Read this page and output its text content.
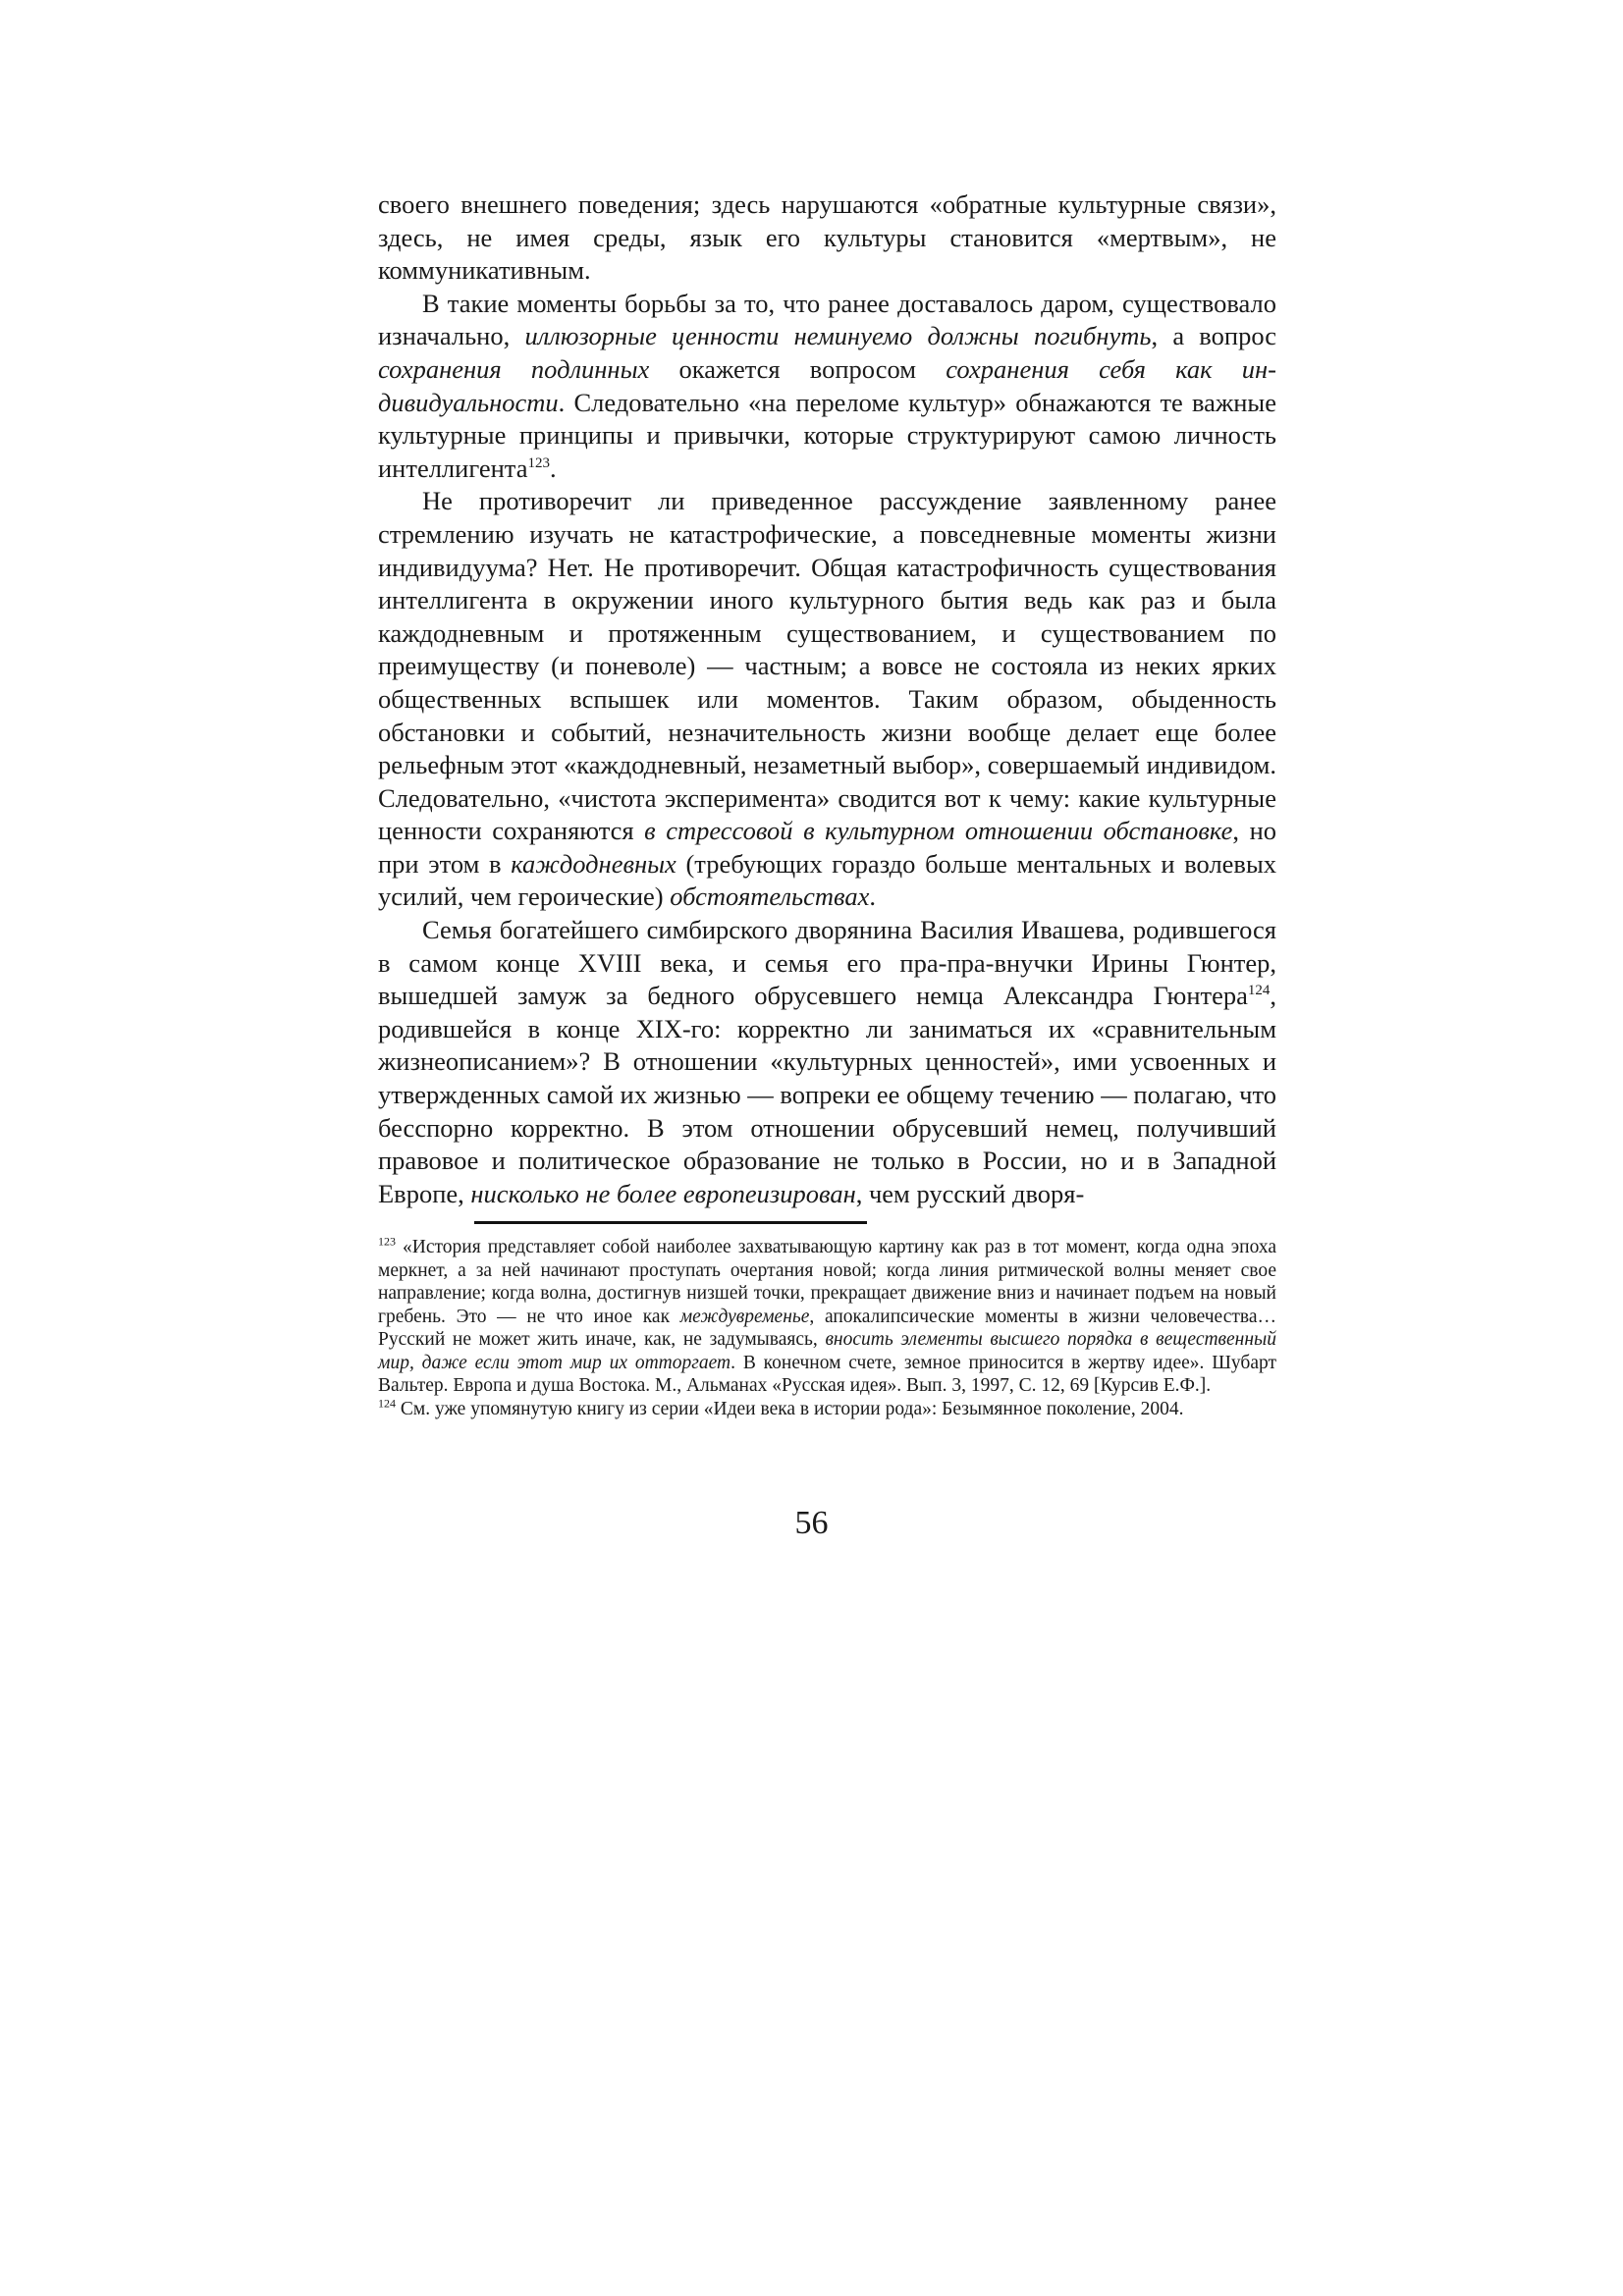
своего внешнего поведения; здесь нарушаются «обратные культурные связи», здесь, не имея среды, язык его культуры становится «мертвым», не коммуникативным.

В такие моменты борьбы за то, что ранее доставалось даром, существовало изначально, иллюзорные ценности неминуемо должны погибнуть, а вопрос сохранения подлинных окажется вопросом сохранения себя как индивидуальности. Следовательно «на переломе культур» обнажаются те важные культурные принципы и привычки, которые структурируют самою личность интеллигента$^{123}$.

Не противоречит ли приведенное рассуждение заявленному ранее стремлению изучать не катастрофические, а повседневные моменты жизни индивидуума? Нет. Не противоречит. Общая катастрофичность существования интеллигента в окружении иного культурного бытия ведь как раз и была каждодневным и протяженным существованием, и существованием по преимуществу (и поневоле) — частным; а вовсе не состояла из неких ярких общественных вспышек или моментов. Таким образом, обыденность обстановки и событий, незначительность жизни вообще делает еще более рельефным этот «каждодневный, незаметный выбор», совершаемый индивидом. Следовательно, «чистота эксперимента» сводится вот к чему: какие культурные ценности сохраняются в стрессовой в культурном отношении обстановке, но при этом в каждодневных (требующих гораздо больше ментальных и волевых усилий, чем героические) обстоятельствах.

Семья богатейшего симбирского дворянина Василия Ивашева, родившегося в самом конце XVIII века, и семья его пра-пра-внучки Ирины Гюнтер, вышедшей замуж за бедного обрусевшего немца Александра Гюнтера$^{124}$, родившейся в конце XIX-го: корректно ли заниматься их «сравнительным жизнеописанием»? В отношении «культурных ценностей», ими усвоенных и утвержденных самой их жизнью — вопреки ее общему течению — полагаю, что бесспорно корректно. В этом отношении обрусевший немец, получивший правовое и политическое образование не только в России, но и в Западной Европе, нисколько не более европеизирован, чем русский дворя-

$^{123}$ «История представляет собой наиболее захватывающую картину как раз в тот момент, когда одна эпоха меркнет, а за ней начинают проступать очертания новой; когда линия ритмической волны меняет свое направление; когда волна, достигнув низшей точки, прекращает движение вниз и начинает подъем на новый гребень. Это — не что иное как междувременье, апокалипсические моменты в жизни человечества… Русский не может жить иначе, как, не задумываясь, вносить элементы высшего порядка в вещественный мир, даже если этот мир их отторгает. В конечном счете, земное приносится в жертву идее». Шубарт Вальтер. Европа и душа Востока. М., Альманах «Русская идея». Вып. 3, 1997, С. 12, 69 [Курсив Е.Ф.].

$^{124}$ См. уже упомянутую книгу из серии «Идеи века в истории рода»: Безымянное поколение, 2004.

56
